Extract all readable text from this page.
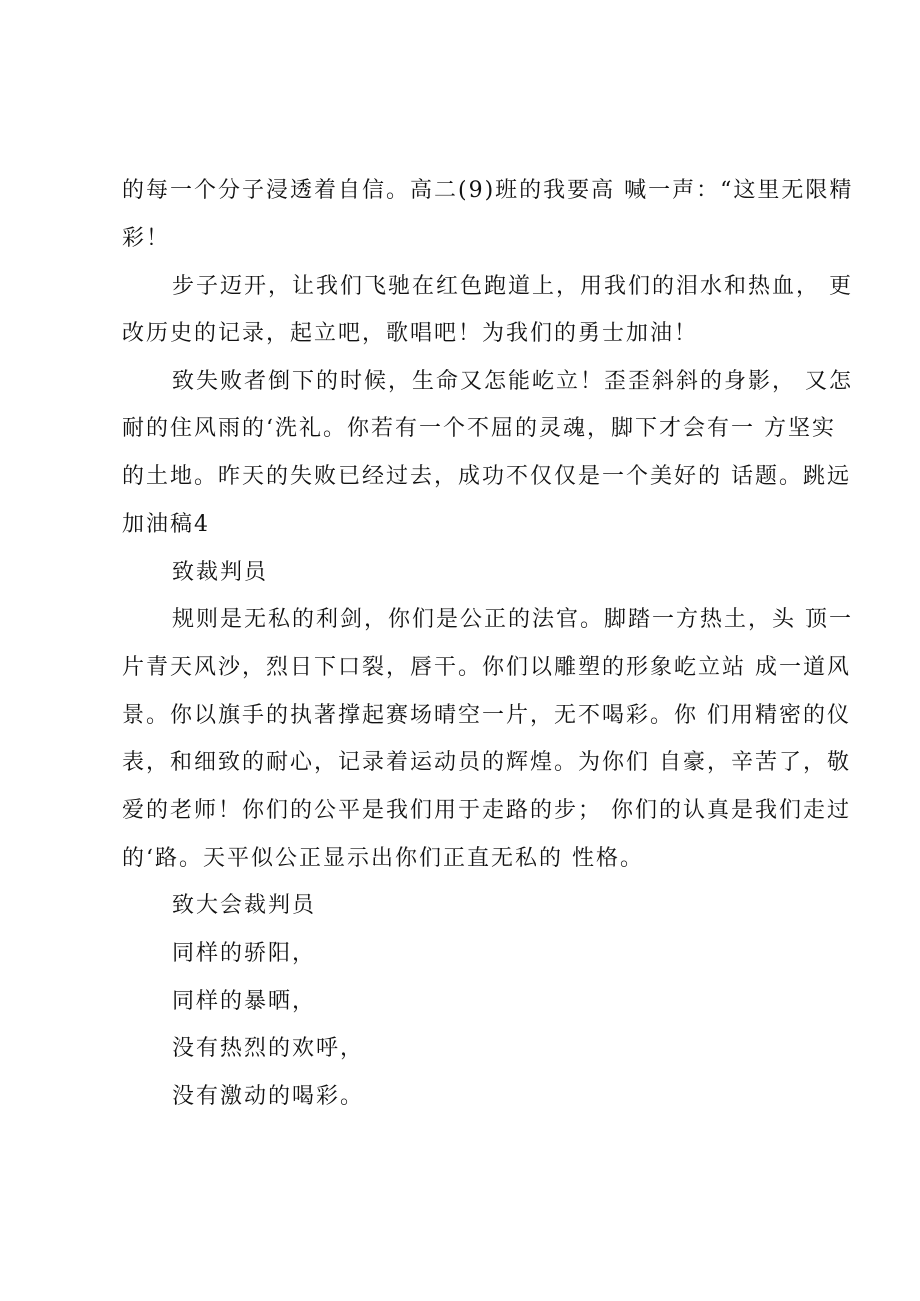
的每一个分子浸透着自信。高二(9)班的我要高 喊一声：“这里无限精
彩！
步子迈开，让我们飞驰在红色跑道上，用我们的泪水和热血， 更
改历史的记录，起立吧，歌唱吧！为我们的勇士加油！
致失败者倒下的时候，生命又怎能屹立！歪歪斜斜的身影， 又怎
耐的住风雨的‘洗礼。你若有一个不屈的灵魂，脚下才会有一 方坚实
的土地。昨天的失败已经过去，成功不仅仅是一个美好的 话题。跳远
加油稿4
致裁判员
规则是无私的利剑，你们是公正的法官。脚踏一方热土，头 顶一
片青天风沙，烈日下口裂，唇干。你们以雕塑的形象屹立站 成一道风
景。你以旗手的执著撑起赛场晴空一片，无不喝彩。你 们用精密的仪
表，和细致的耐心，记录着运动员的辉煌。为你们 自豪，辛苦了，敬
爱的老师！你们的公平是我们用于走路的步； 你们的认真是我们走过
的‘路。天平似公正显示出你们正直无私的 性格。
致大会裁判员
同样的骄阳，
同样的暴晒，
没有热烈的欢呼，
没有激动的喝彩。
